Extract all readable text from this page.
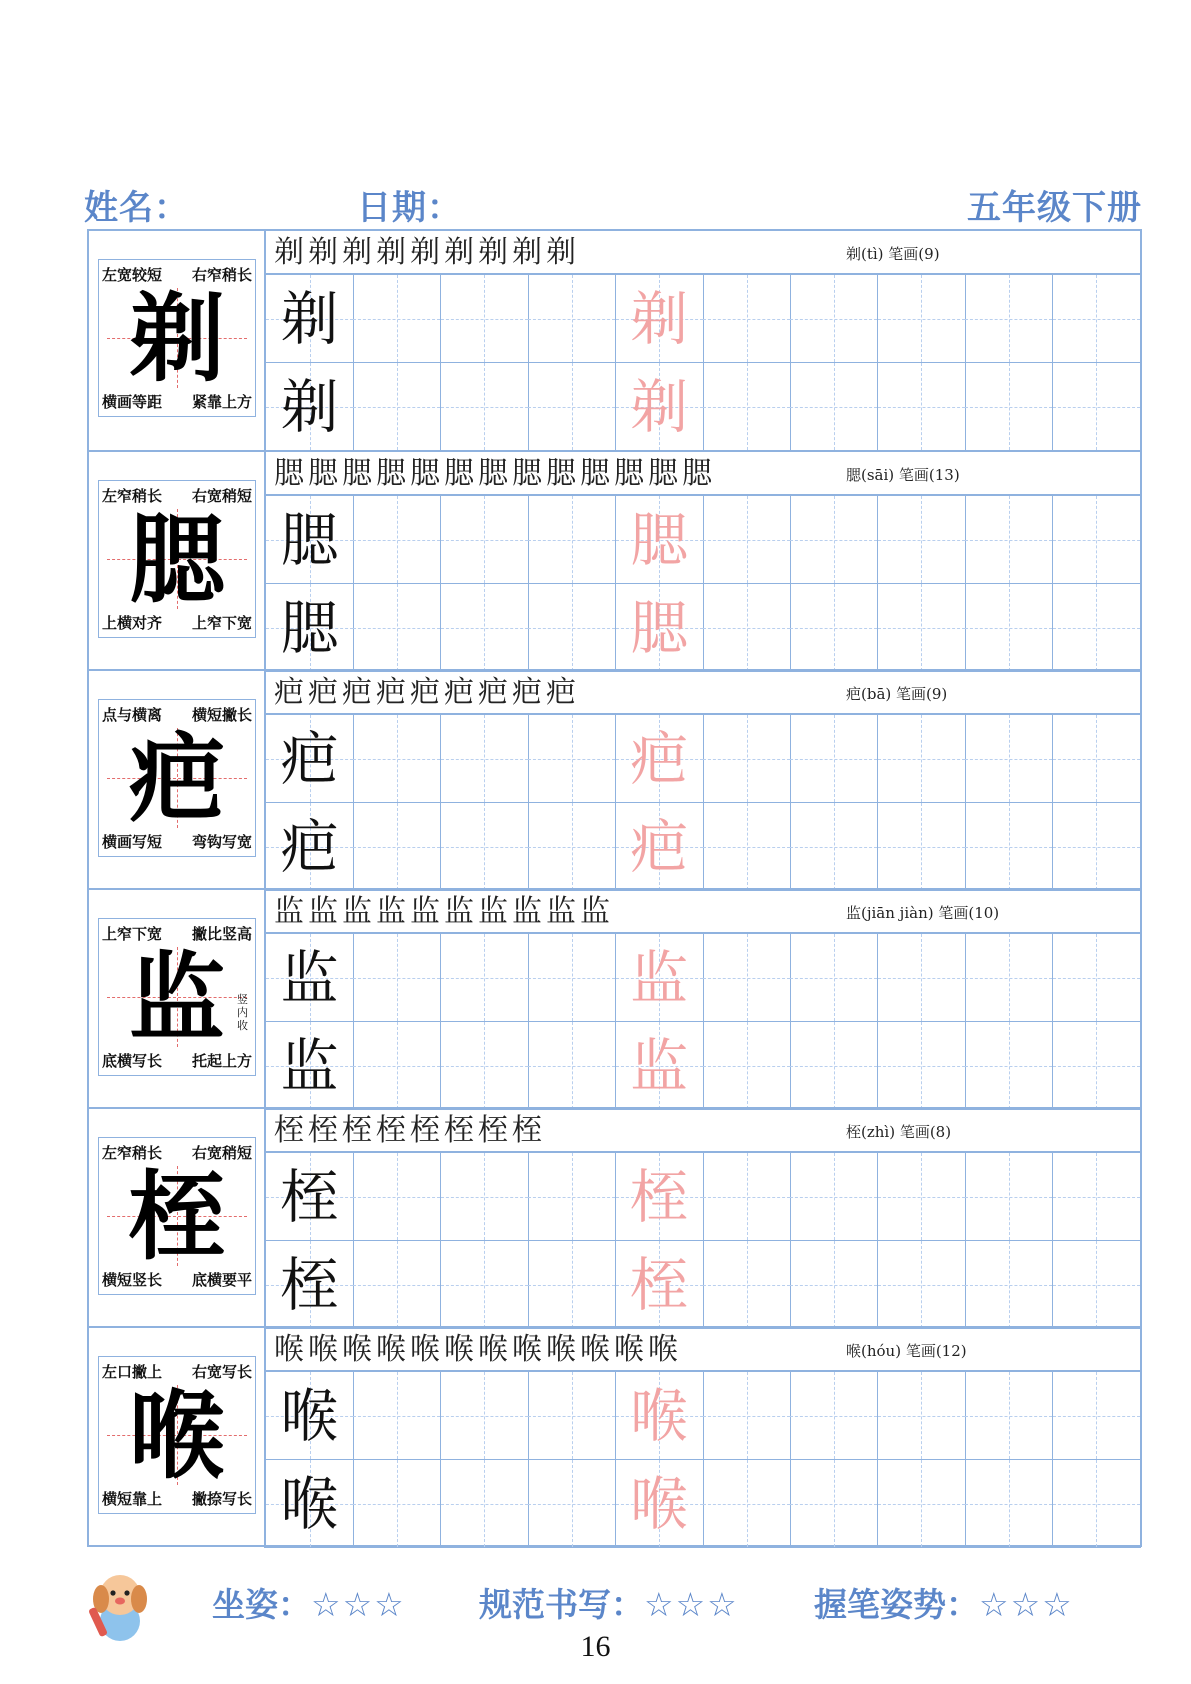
姓名：	日期：	五年级下册
左宽较短 右窄稍长
剃
横画等距 紧靠上方
剃剃剃剃剃剃剃剃剃	剃(tì) 笔画(9)
剃	剃
剃	剃
左窄稍长 右宽稍短
腮
上横对齐 上窄下宽
腮腮腮腮腮腮腮腮腮腮腮腮腮	腮(sāi) 笔画(13)
腮	腮
腮	腮
点与横离 横短撇长
疤
横画写短 弯钩写宽
疤疤疤疤疤疤疤疤疤	疤(bā) 笔画(9)
疤	疤
疤	疤
上窄下宽 撇比竖高
监	竖内收
底横写长 托起上方
监监监监监监监监监监	监(jiān jiàn) 笔画(10)
监	监
监	监
左窄稍长 右宽稍短
桎
横短竖长 底横要平
桎桎桎桎桎桎桎桎	桎(zhì) 笔画(8)
桎	桎
桎	桎
左口撇上 右宽写长
喉
横短靠上 撇捺写长
喉喉喉喉喉喉喉喉喉喉喉喉	喉(hóu) 笔画(12)
喉	喉
喉	喉
坐姿：☆☆☆ 规范书写：☆☆☆ 握笔姿势：☆☆☆
16
